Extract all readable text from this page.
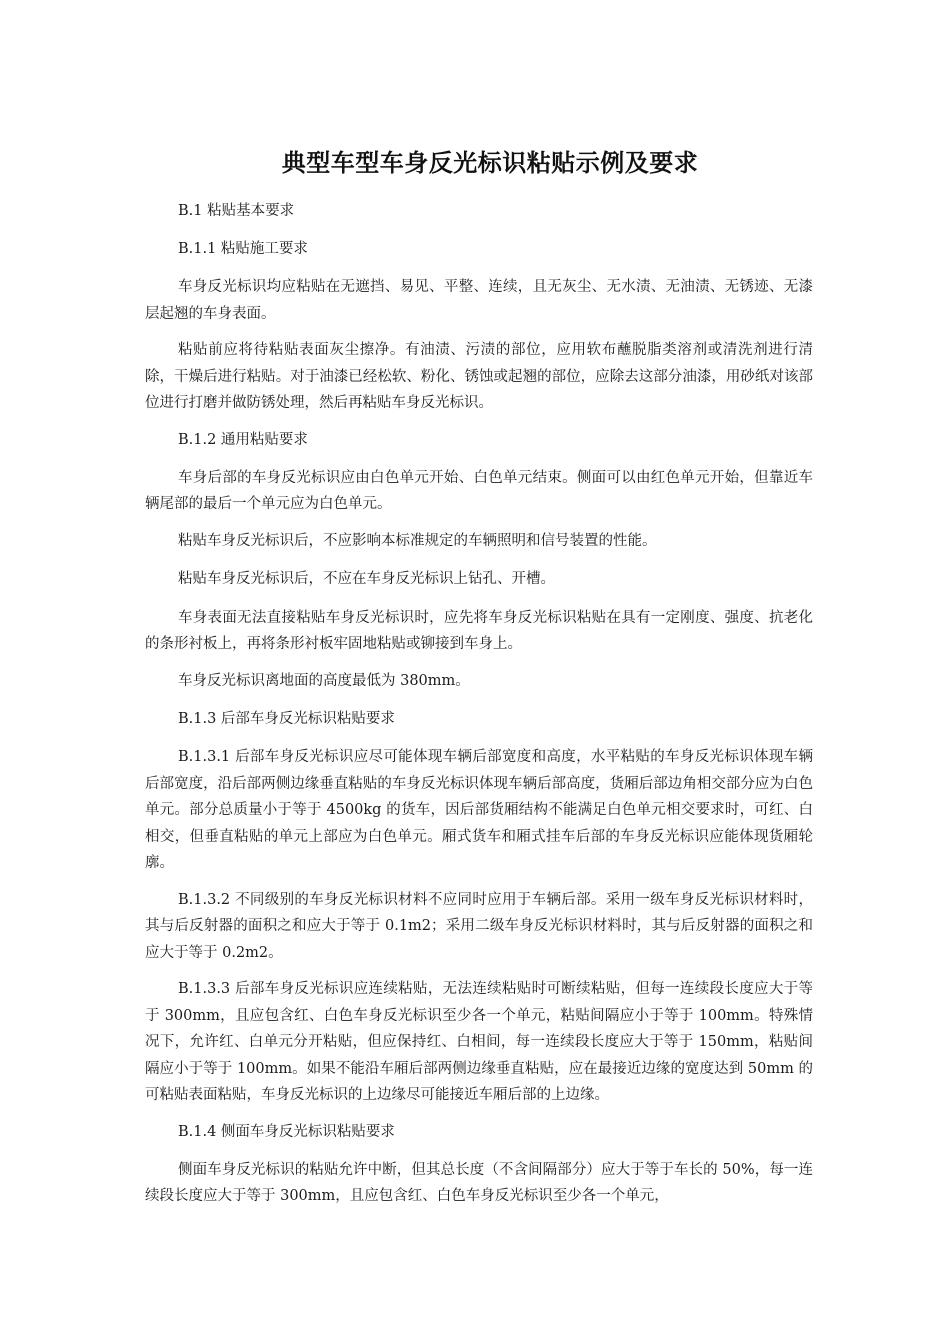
典型车型车身反光标识粘贴示例及要求
B.1 粘贴基本要求
B.1.1 粘贴施工要求

车身反光标识均应粘贴在无遮挡、易见、平整、连续，且无灰尘、无水渍、无油渍、无锈迹、无漆层起翘的车身表面。

粘贴前应将待粘贴表面灰尘擦净。有油渍、污渍的部位，应用软布蘸脱脂类溶剂或清洗剂进行清除，干燥后进行粘贴。对于油漆已经松软、粉化、锈蚀或起翘的部位，应除去这部分油漆，用砂纸对该部位进行打磨并做防锈处理，然后再粘贴车身反光标识。

B.1.2 通用粘贴要求

车身后部的车身反光标识应由白色单元开始、白色单元结束。侧面可以由红色单元开始，但靠近车辆尾部的最后一个单元应为白色单元。

粘贴车身反光标识后，不应影响本标准规定的车辆照明和信号装置的性能。

粘贴车身反光标识后，不应在车身反光标识上钻孔、开槽。

车身表面无法直接粘贴车身反光标识时，应先将车身反光标识粘贴在具有一定刚度、强度、抗老化的条形衬板上，再将条形衬板牢固地粘贴或铆接到车身上。

车身反光标识离地面的高度最低为 380mm。

B.1.3 后部车身反光标识粘贴要求

B.1.3.1 后部车身反光标识应尽可能体现车辆后部宽度和高度，水平粘贴的车身反光标识体现车辆后部宽度，沿后部两侧边缘垂直粘贴的车身反光标识体现车辆后部高度，货厢后部边角相交部分应为白色单元。部分总质量小于等于 4500kg 的货车，因后部货厢结构不能满足白色单元相交要求时，可红、白相交，但垂直粘贴的单元上部应为白色单元。厢式货车和厢式挂车后部的车身反光标识应能体现货厢轮廓。

B.1.3.2 不同级别的车身反光标识材料不应同时应用于车辆后部。采用一级车身反光标识材料时，其与后反射器的面积之和应大于等于 0.1m2；采用二级车身反光标识材料时，其与后反射器的面积之和应大于等于 0.2m2。

B.1.3.3 后部车身反光标识应连续粘贴，无法连续粘贴时可断续粘贴，但每一连续段长度应大于等于 300mm，且应包含红、白色车身反光标识至少各一个单元，粘贴间隔应小于等于 100mm。特殊情况下，允许红、白单元分开粘贴，但应保持红、白相间，每一连续段长度应大于等于 150mm，粘贴间隔应小于等于 100mm。如果不能沿车厢后部两侧边缘垂直粘贴，应在最接近边缘的宽度达到 50mm 的可粘贴表面粘贴，车身反光标识的上边缘尽可能接近车厢后部的上边缘。

B.1.4 侧面车身反光标识粘贴要求

侧面车身反光标识的粘贴允许中断，但其总长度（不含间隔部分）应大于等于车长的 50%，每一连续段长度应大于等于 300mm，且应包含红、白色车身反光标识至少各一个单元，
